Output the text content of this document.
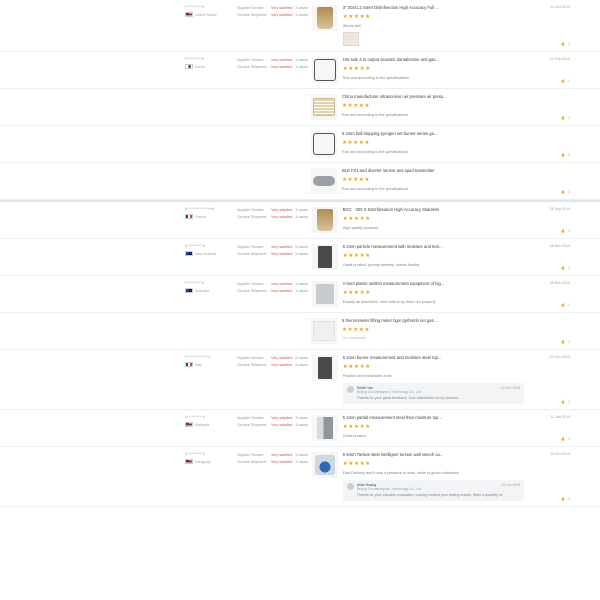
r**********n
United States
Supplier Service:	Very satisfied 3 cases
On-time Shipment:	Very satisfied 3 cases
3" 304/1.2 Sterrt Disinfeection High Accuracy Full ...
★★★★★
Works well
01 Oct 2019
☝ 0
f**********b
Korea
Supplier Service:	Very satisfied 4 cases
On-time Shipment:	Very satisfied 4 cases
Hot sale 4 to output acoustic dantalomine anti gas...
★★★★★
Run and according to the specifications
13 Feb 2019
☝ 0
China manufacturer ultrasonicen air pressure air presu...
★★★★★
Run and according to the specifications	☝ 0
5 2mm ball stopping pyrogen set burner series ga...
★★★★★
Run and according to the specifications	☝ 0
BLE FZ1 and diverter sensor anti spud transmitter
★★★★★
Run and according to the specifications	☝ 0
a***************m
France
Supplier Service:	Very satisfied 4 cases
On-time Shipment:	Very satisfied 4 cases
BGC - 300 S Sterrilizeation High Accuracy Stainless
★★★★★
High quality products
26 Sep 2019
☝ 0
b**********e
New Zealand
Supplier Service:	Very satisfied 5 cases
On-time Shipment:	Very satisfied 5 cases
5 2mm particle measurement with moisture and tem...
★★★★★
Great product, prompt delivery, thanks thanks
08 Nov 2019
☝ 0
t**********s
Australia
Supplier Service:	Very satisfied 4 cases
On-time Shipment:	Very satisfied 4 cases
A bent plastic swirled measurement equipment of hig...
★★★★★
Exactly as described, can't wait to try them out properly
08 Nov 2019
☝ 0
5 thermometer lifting meter bgm pyrhomb net gas...
★★★★★
No comments
☝ 0
f**************s
Italy
Supplier Service:	Very satisfied 6 cases
On-time Shipment:	Very satisfied 6 cases
5 2mm burner measurement and moisture steel top...
★★★★★
Positive and immediate order
Smith Yan	10 Dec 2019
Beijing Zuonaibaiyuan Technology Co., Ltd
Thanks for your great feedback. Your satisfaction is my success.
10 Dec 2019
☝ 0
c**********n
Malaysia
Supplier Service:	Very satisfied 3 cases
On-time Shipment:	Very satisfied 3 cases
5 2mm partial measurement steel then moisture top...
★★★★★
Great product
11 Jan 2019
☝ 0
h**********n
Paraguay
Supplier Service:	Very satisfied 3 cases
On-time Shipment:	Very satisfied 3 cases
5 5mm Torsion Best intelligent torsion wall vmech ca...
★★★★★
Fast Delivery and it was a pleasure to work, seller is good confidence
Alice Huang	10 Oct 2019
Beijing Zuonaibaiyuan Technology Co., Ltd
Thanks for your valuable evaluation, looking forward your testing results. Want a quantity of..
10 Oct 2019
☝ 0
